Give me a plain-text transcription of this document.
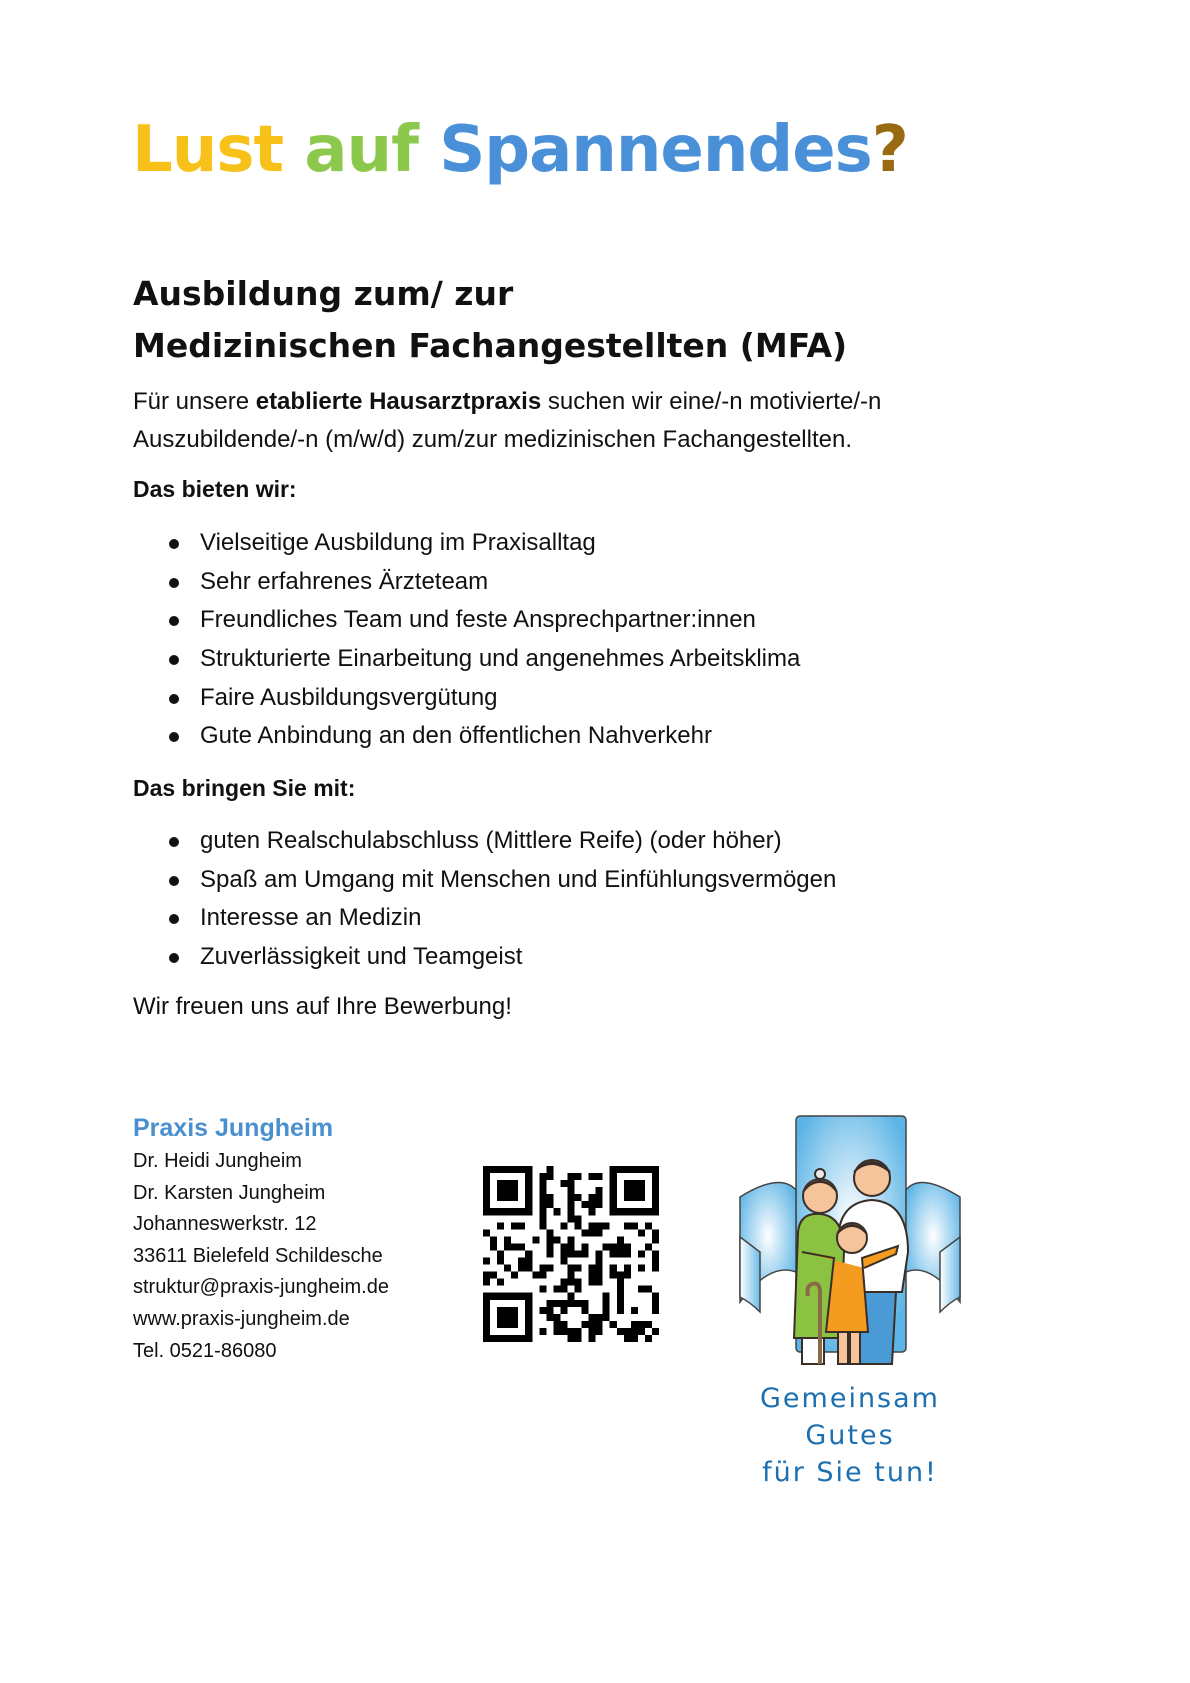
Lust auf Spannendes?
Ausbildung zum/ zur
Medizinischen Fachangestellten (MFA)
Für unsere etablierte Hausarztpraxis suchen wir eine/-n motivierte/-n Auszubildende/-n (m/w/d) zum/zur medizinischen Fachangestellten.
Das bieten wir:
Vielseitige Ausbildung im Praxisalltag
Sehr erfahrenes Ärzteteam
Freundliches Team und feste Ansprechpartner:innen
Strukturierte Einarbeitung und angenehmes Arbeitsklima
Faire Ausbildungsvergütung
Gute Anbindung an den öffentlichen Nahverkehr
Das bringen Sie mit:
guten Realschulabschluss (Mittlere Reife) (oder höher)
Spaß am Umgang mit Menschen und Einfühlungsvermögen
Interesse an Medizin
Zuverlässigkeit und Teamgeist
Wir freuen uns auf Ihre Bewerbung!
Praxis Jungheim
Dr. Heidi Jungheim
Dr. Karsten Jungheim
Johanneswerkstr. 12
33611 Bielefeld Schildesche
struktur@praxis-jungheim.de
www.praxis-jungheim.de
Tel. 0521-86080
Gemeinsam Gutes
für Sie tun!
